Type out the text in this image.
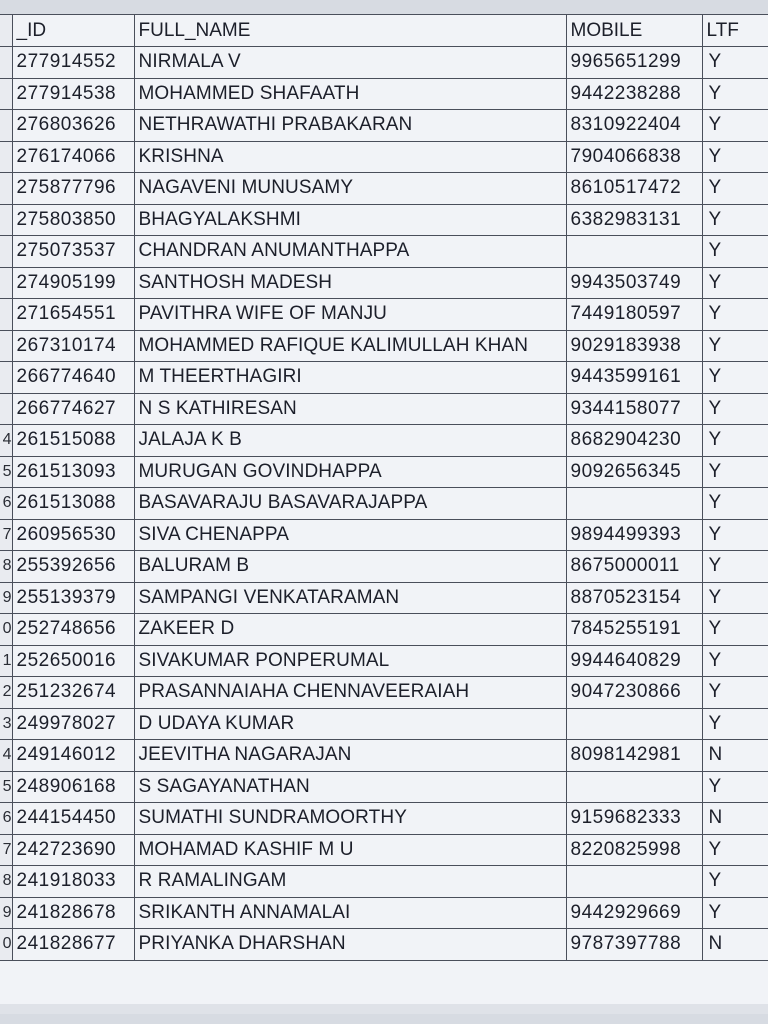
	_ID	FULL_NAME	MOBILE	LTF
	277914552	NIRMALA V	9965651299	Y
	277914538	MOHAMMED SHAFAATH	9442238288	Y
	276803626	NETHRAWATHI PRABAKARAN	8310922404	Y
	276174066	KRISHNA	7904066838	Y
	275877796	NAGAVENI MUNUSAMY	8610517472	Y
	275803850	BHAGYALAKSHMI	6382983131	Y
	275073537	CHANDRAN ANUMANTHAPPA		Y
	274905199	SANTHOSH MADESH	9943503749	Y
	271654551	PAVITHRA WIFE OF MANJU	7449180597	Y
	267310174	MOHAMMED RAFIQUE KALIMULLAH KHAN	9029183938	Y
	266774640	M THEERTHAGIRI	9443599161	Y
	266774627	N S KATHIRESAN	9344158077	Y
4	261515088	JALAJA K B	8682904230	Y
5	261513093	MURUGAN GOVINDHAPPA	9092656345	Y
6	261513088	BASAVARAJU BASAVARAJAPPA		Y
7	260956530	SIVA CHENAPPA	9894499393	Y
8	255392656	BALURAM B	8675000011	Y
9	255139379	SAMPANGI VENKATARAMAN	8870523154	Y
0	252748656	ZAKEER D	7845255191	Y
1	252650016	SIVAKUMAR PONPERUMAL	9944640829	Y
2	251232674	PRASANNAIAHA CHENNAVEERAIAH	9047230866	Y
3	249978027	D UDAYA KUMAR		Y
4	249146012	JEEVITHA NAGARAJAN	8098142981	N
5	248906168	S SAGAYANATHAN		Y
6	244154450	SUMATHI SUNDRAMOORTHY	9159682333	N
7	242723690	MOHAMAD KASHIF M U	8220825998	Y
8	241918033	R RAMALINGAM		Y
9	241828678	SRIKANTH ANNAMALAI	9442929669	Y
0	241828677	PRIYANKA DHARSHAN	9787397788	N
